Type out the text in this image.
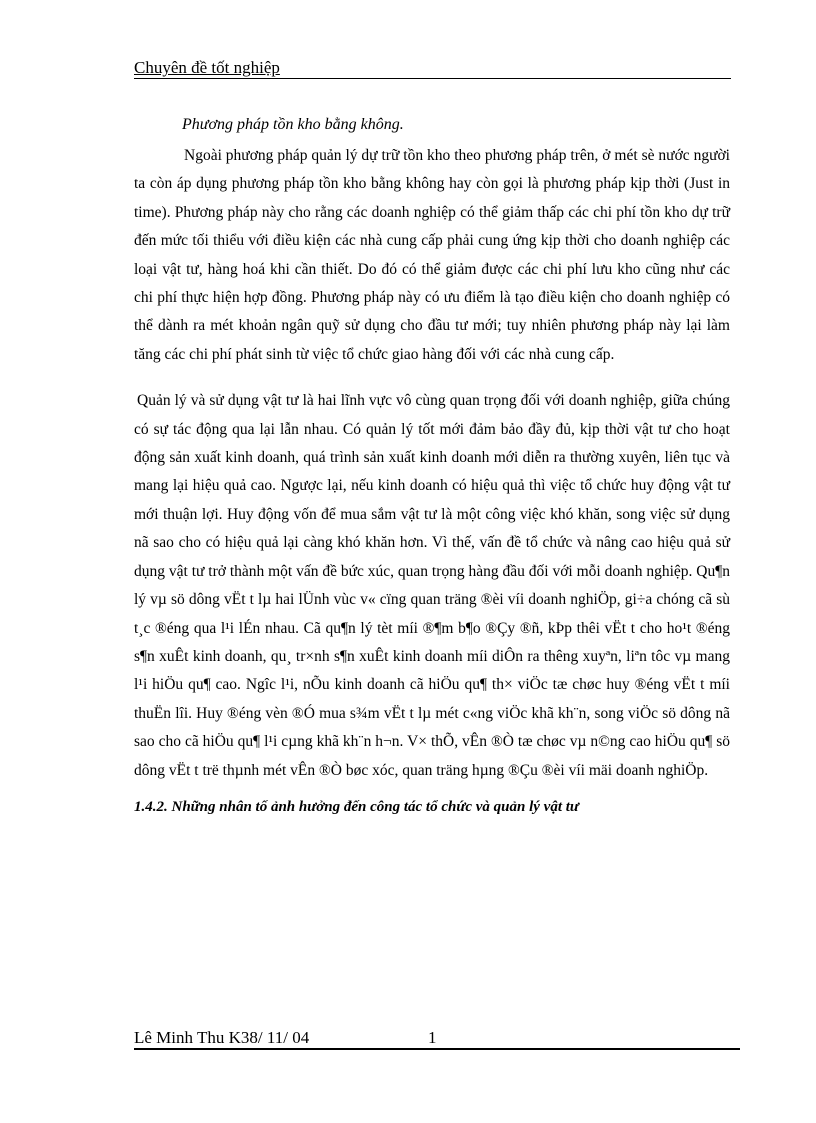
Chuyên đề tốt nghiệp

Phương pháp tồn kho bằng không.

Ngoài phương pháp quản lý dự trữ tồn kho theo phương pháp trên, ở mét sè nước người ta còn áp dụng phương pháp tồn kho bằng không hay còn gọi là phương pháp kịp thời (Just in time). Phương pháp này cho rằng các doanh nghiệp có thể giảm thấp các chi phí tồn kho dự trữ đến mức tối thiểu với điều kiện các nhà cung cấp phải cung ứng kịp thời cho doanh nghiệp các loại vật tư, hàng hoá khi cần thiết. Do đó có thể giảm được các chi phí lưu kho cũng như các chi phí thực hiện hợp đồng. Phương pháp này có ưu điểm là tạo điều kiện cho doanh nghiệp có thể dành ra mét khoản ngân quỹ sử dụng cho đầu tư mới; tuy nhiên phương pháp này lại làm tăng các chi phí phát sinh từ việc tổ chức giao hàng đối với các nhà cung cấp.

Quản lý và sử dụng vật tư là hai lĩnh vực vô cùng quan trọng đối với doanh nghiệp, giữa chúng có sự tác động qua lại lẫn nhau. Có quản lý tốt mới đảm bảo đầy đủ, kịp thời vật tư cho hoạt động sản xuất kinh doanh, quá trình sản xuất kinh doanh mới diễn ra thường xuyên, liên tục và mang lại hiệu quả cao. Ngược lại, nếu kinh doanh có hiệu quả thì việc tổ chức huy động vật tư mới thuận lợi. Huy động vốn để mua sắm vật tư là một công việc khó khăn, song việc sử dụng nã sao cho có hiệu quả lại càng khó khăn hơn. Vì thế, vấn đề tổ chức và nâng cao hiệu quả sử dụng vật tư trở thành một vấn đề bức xúc, quan trọng hàng đầu đối với mỗi doanh nghiệp. Qu¶n lý vµ sö dông vËt t lµ hai lÜnh vùc v« cïng quan träng ®èi víi doanh nghiÖp, gi÷a chóng cã sù t¸c ®éng qua l¹i lÉn nhau. Cã qu¶n lý tèt míi ®¶m b¶o ®Çy ®ñ, kÞp thêi vËt t cho ho¹t ®éng s¶n xuÊt kinh doanh, qu¸ tr×nh s¶n xuÊt kinh doanh míi diÔn ra thêng xuyªn, liªn tôc vµ mang l¹i hiÖu qu¶ cao. Ngîc l¹i, nÕu kinh doanh cã hiÖu qu¶ th× viÖc tæ chøc huy ®éng vËt t míi thuËn lîi. Huy ®éng vèn ®Ó mua s¾m vËt t lµ mét c«ng viÖc khã kh¨n, song viÖc sö dông nã sao cho cã hiÖu qu¶ l¹i cµng khã kh¨n h¬n. V× thÕ, vÊn ®Ò tæ chøc vµ n©ng cao hiÖu qu¶ sö dông vËt t trë thµnh mét vÊn ®Ò bøc xóc, quan träng hµng ®Çu ®èi víi mäi doanh nghiÖp.

1.4.2. Những nhân tố ảnh hưởng đến công tác tổ chức và quản lý vật tư

Lê Minh Thu K38/ 11/ 04	1
